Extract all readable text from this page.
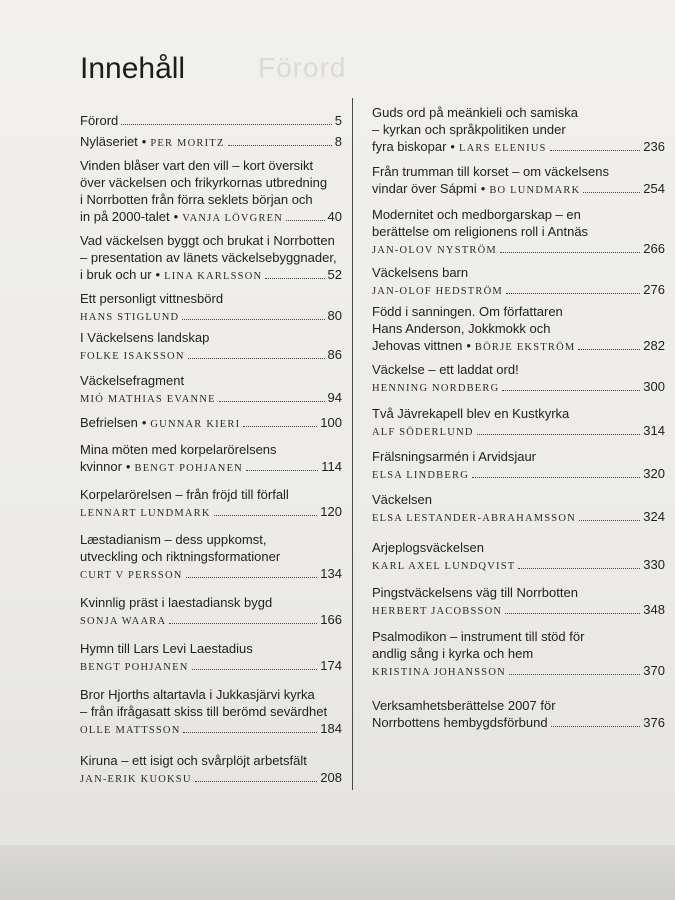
Förord
Innehåll
Förord	5
Nyläseriet • PER MORITZ	8
Vinden blåser vart den vill – kort översikt
över väckelsen och frikyrkornas utbredning
i Norrbotten från förra seklets början och
in på 2000-talet • VANJA LÖVGREN	40
Vad väckelsen byggt och brukat i Norrbotten
– presentation av länets väckelsebyggnader,
i bruk och ur • LINA KARLSSON	52
Ett personligt vittnesbörd
HANS STIGLUND	80
I Väckelsens landskap
FOLKE ISAKSSON	86
Väckelsefragment
MIÓ MATHIAS EVANNE	94
Befrielsen • GUNNAR KIERI	100
Mina möten med korpelarörelsens
kvinnor • BENGT POHJANEN	114
Korpelarörelsen – från fröjd till förfall
LENNART LUNDMARK	120
Læstadianism – dess uppkomst,
utveckling och riktningsformationer
CURT V PERSSON	134
Kvinnlig präst i laestadiansk bygd
SONJA WAARA	166
Hymn till Lars Levi Laestadius
BENGT POHJANEN	174
Bror Hjorths altartavla i Jukkasjärvi kyrka
– från ifrågasatt skiss till berömd sevärdhet
OLLE MATTSSON	184
Kiruna – ett isigt och svårplöjt arbetsfält
JAN-ERIK KUOKSU	208
Guds ord på meänkieli och samiska
– kyrkan och språkpolitiken under
fyra biskopar • LARS ELENIUS	236
Från trumman till korset – om väckelsens
vindar över Sápmi • BO LUNDMARK	254
Modernitet och medborgarskap – en
berättelse om religionens roll i Antnäs
JAN-OLOV NYSTRÖM	266
Väckelsens barn
JAN-OLOF HEDSTRÖM	276
Född i sanningen. Om författaren
Hans Anderson, Jokkmokk och
Jehovas vittnen • BÖRJE EKSTRÖM	282
Väckelse – ett laddat ord!
HENNING NORDBERG	300
Två Jävrekapell blev en Kustkyrka
ALF SÖDERLUND	314
Frälsningsarmén i Arvidsjaur
ELSA LINDBERG	320
Väckelsen
ELSA LESTANDER-ABRAHAMSSON	324
Arjeplogsväckelsen
KARL AXEL LUNDQVIST	330
Pingstväckelsens väg till Norrbotten
HERBERT JACOBSSON	348
Psalmodikon – instrument till stöd för
andlig sång i kyrka och hem
KRISTINA JOHANSSON	370
Verksamhetsberättelse 2007 för
Norrbottens hembygdsförbund	376
